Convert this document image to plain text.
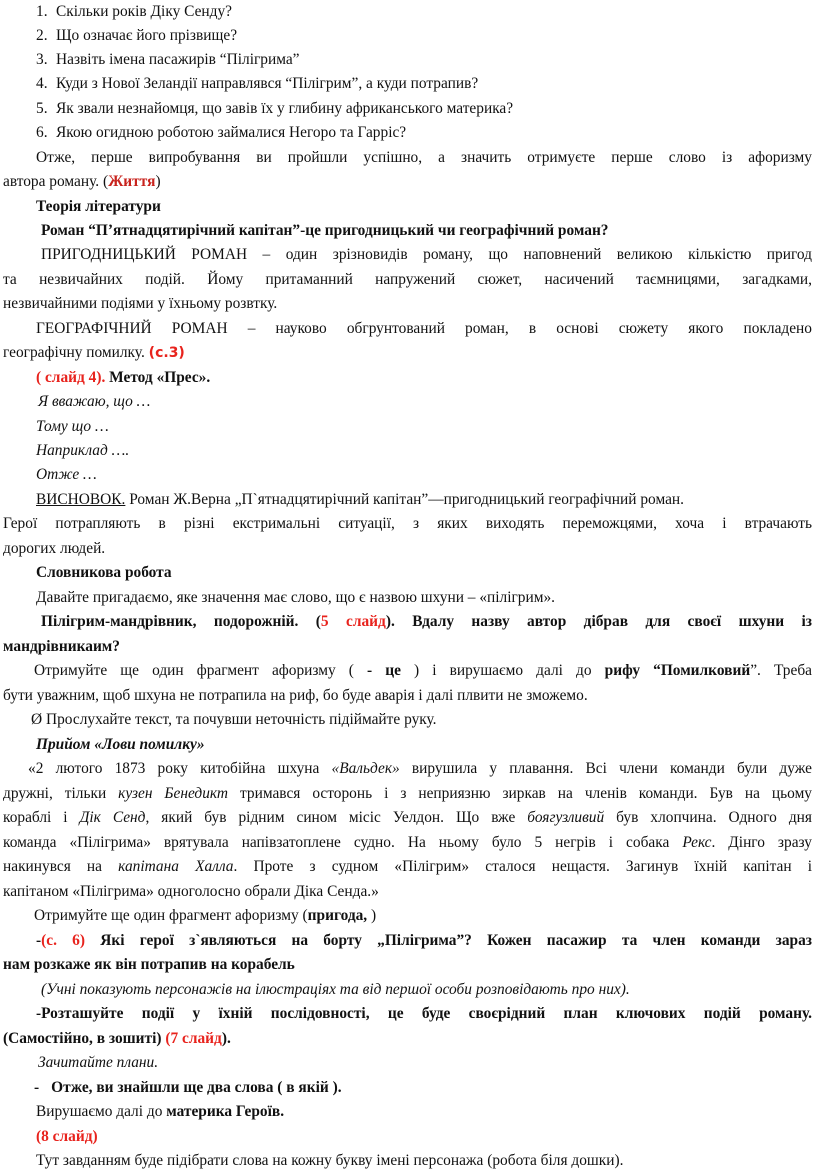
1. Скільки років Діку Сенду?
2. Що означає його прізвище?
3. Назвіть імена пасажирів “Пілігрима”
4. Куди з Нової Зеландії направлявся “Пілігрим”, а куди потрапив?
5. Як звали незнайомця, що завів їх у глибину африканського материка?
6. Якою огидною роботою займалися Негоро та Гарріс?
Отже, перше випробування ви пройшли успішно, а значить отримуєте перше слово із афоризму
автора роману. (Життя)
Теорія літератури
Роман “П’ятнадцятирічний капітан”-це пригодницький чи географічний роман?
ПРИГОДНИЦЬКИЙ РОМАН – один зрізновидів роману, що наповнений великою кількістю пригод
та незвичайних подій. Йому притаманний напружений сюжет, насичений таємницями, загадками,
незвичайними подіями у їхньому розвтку.
ГЕОГРАФІЧНИЙ РОМАН – науково обгрунтований роман, в основі сюжету якого покладено
географічну помилку. (с.3)
( слайд 4). Метод «Прес».
Я вважаю, що …
Тому що …
Наприклад ….
Отже …
ВИСНОВОК. Роман Ж.Верна „П`ятнадцятирічний капітан”—пригодницький географічний роман.
Герої потрапляють в різні екстримальні ситуації, з яких виходять переможцями, хоча і втрачають
дорогих людей.
Словникова робота
Давайте пригадаємо, яке значення має слово, що є назвою шхуни – «пілігрим».
Пілігрим-мандрівник, подорожній. (5 слайд). Вдалу назву автор дібрав для своєї шхуни із
мандрівникаим?
Отримуйте ще один фрагмент афоризму ( - це ) і вирушаємо далі до рифу “Помилковий”. Треба
бути уважним, щоб шхуна не потрапила на риф, бо буде аварія і далі плвити не зможемо.
Ø Прослухайте текст, та почувши неточність підіймайте руку.
Прийом «Лови помилку»
«2 лютого 1873 року китобійна шхуна «Вальдек» вирушила у плавання. Всі члени команди були дуже
дружні, тільки кузен Бенедикт тримався осторонь і з неприязню зиркав на членів команди. Був на цьому
кораблі і Дік Сенд, який був рідним сином місіс Уелдон. Що вже боягузливий був хлопчина. Одного дня
команда «Пілігрима» врятувала напівзатоплене судно. На ньому було 5 негрів і собака Рекс. Дінго зразу
накинувся на капітана Халла. Проте з судном «Пілігрим» сталося нещастя. Загинув їхній капітан і
капітаном «Пілігрима» одноголосно обрали Діка Сенда.»
Отримуйте ще один фрагмент афоризму (пригода, )
-(с. 6) Які герої з`являються на борту „Пілігрима”? Кожен пасажир та член команди зараз
нам розкаже як він потрапив на корабель
(Учні показують персонажів на ілюстраціях та від першої особи розповідають про них).
-Розташуйте події у їхній послідовності, це буде своєрідний план ключових подій роману.
(Самостійно, в зошиті) (7 слайд).
Зачитайте плани.
- Отже, ви знайшли ще два слова ( в якій ).
Вирушаємо далі до материка Героїв.
(8 слайд)
Тут завданням буде підібрати слова на кожну букву імені персонажа (робота біля дошки).
